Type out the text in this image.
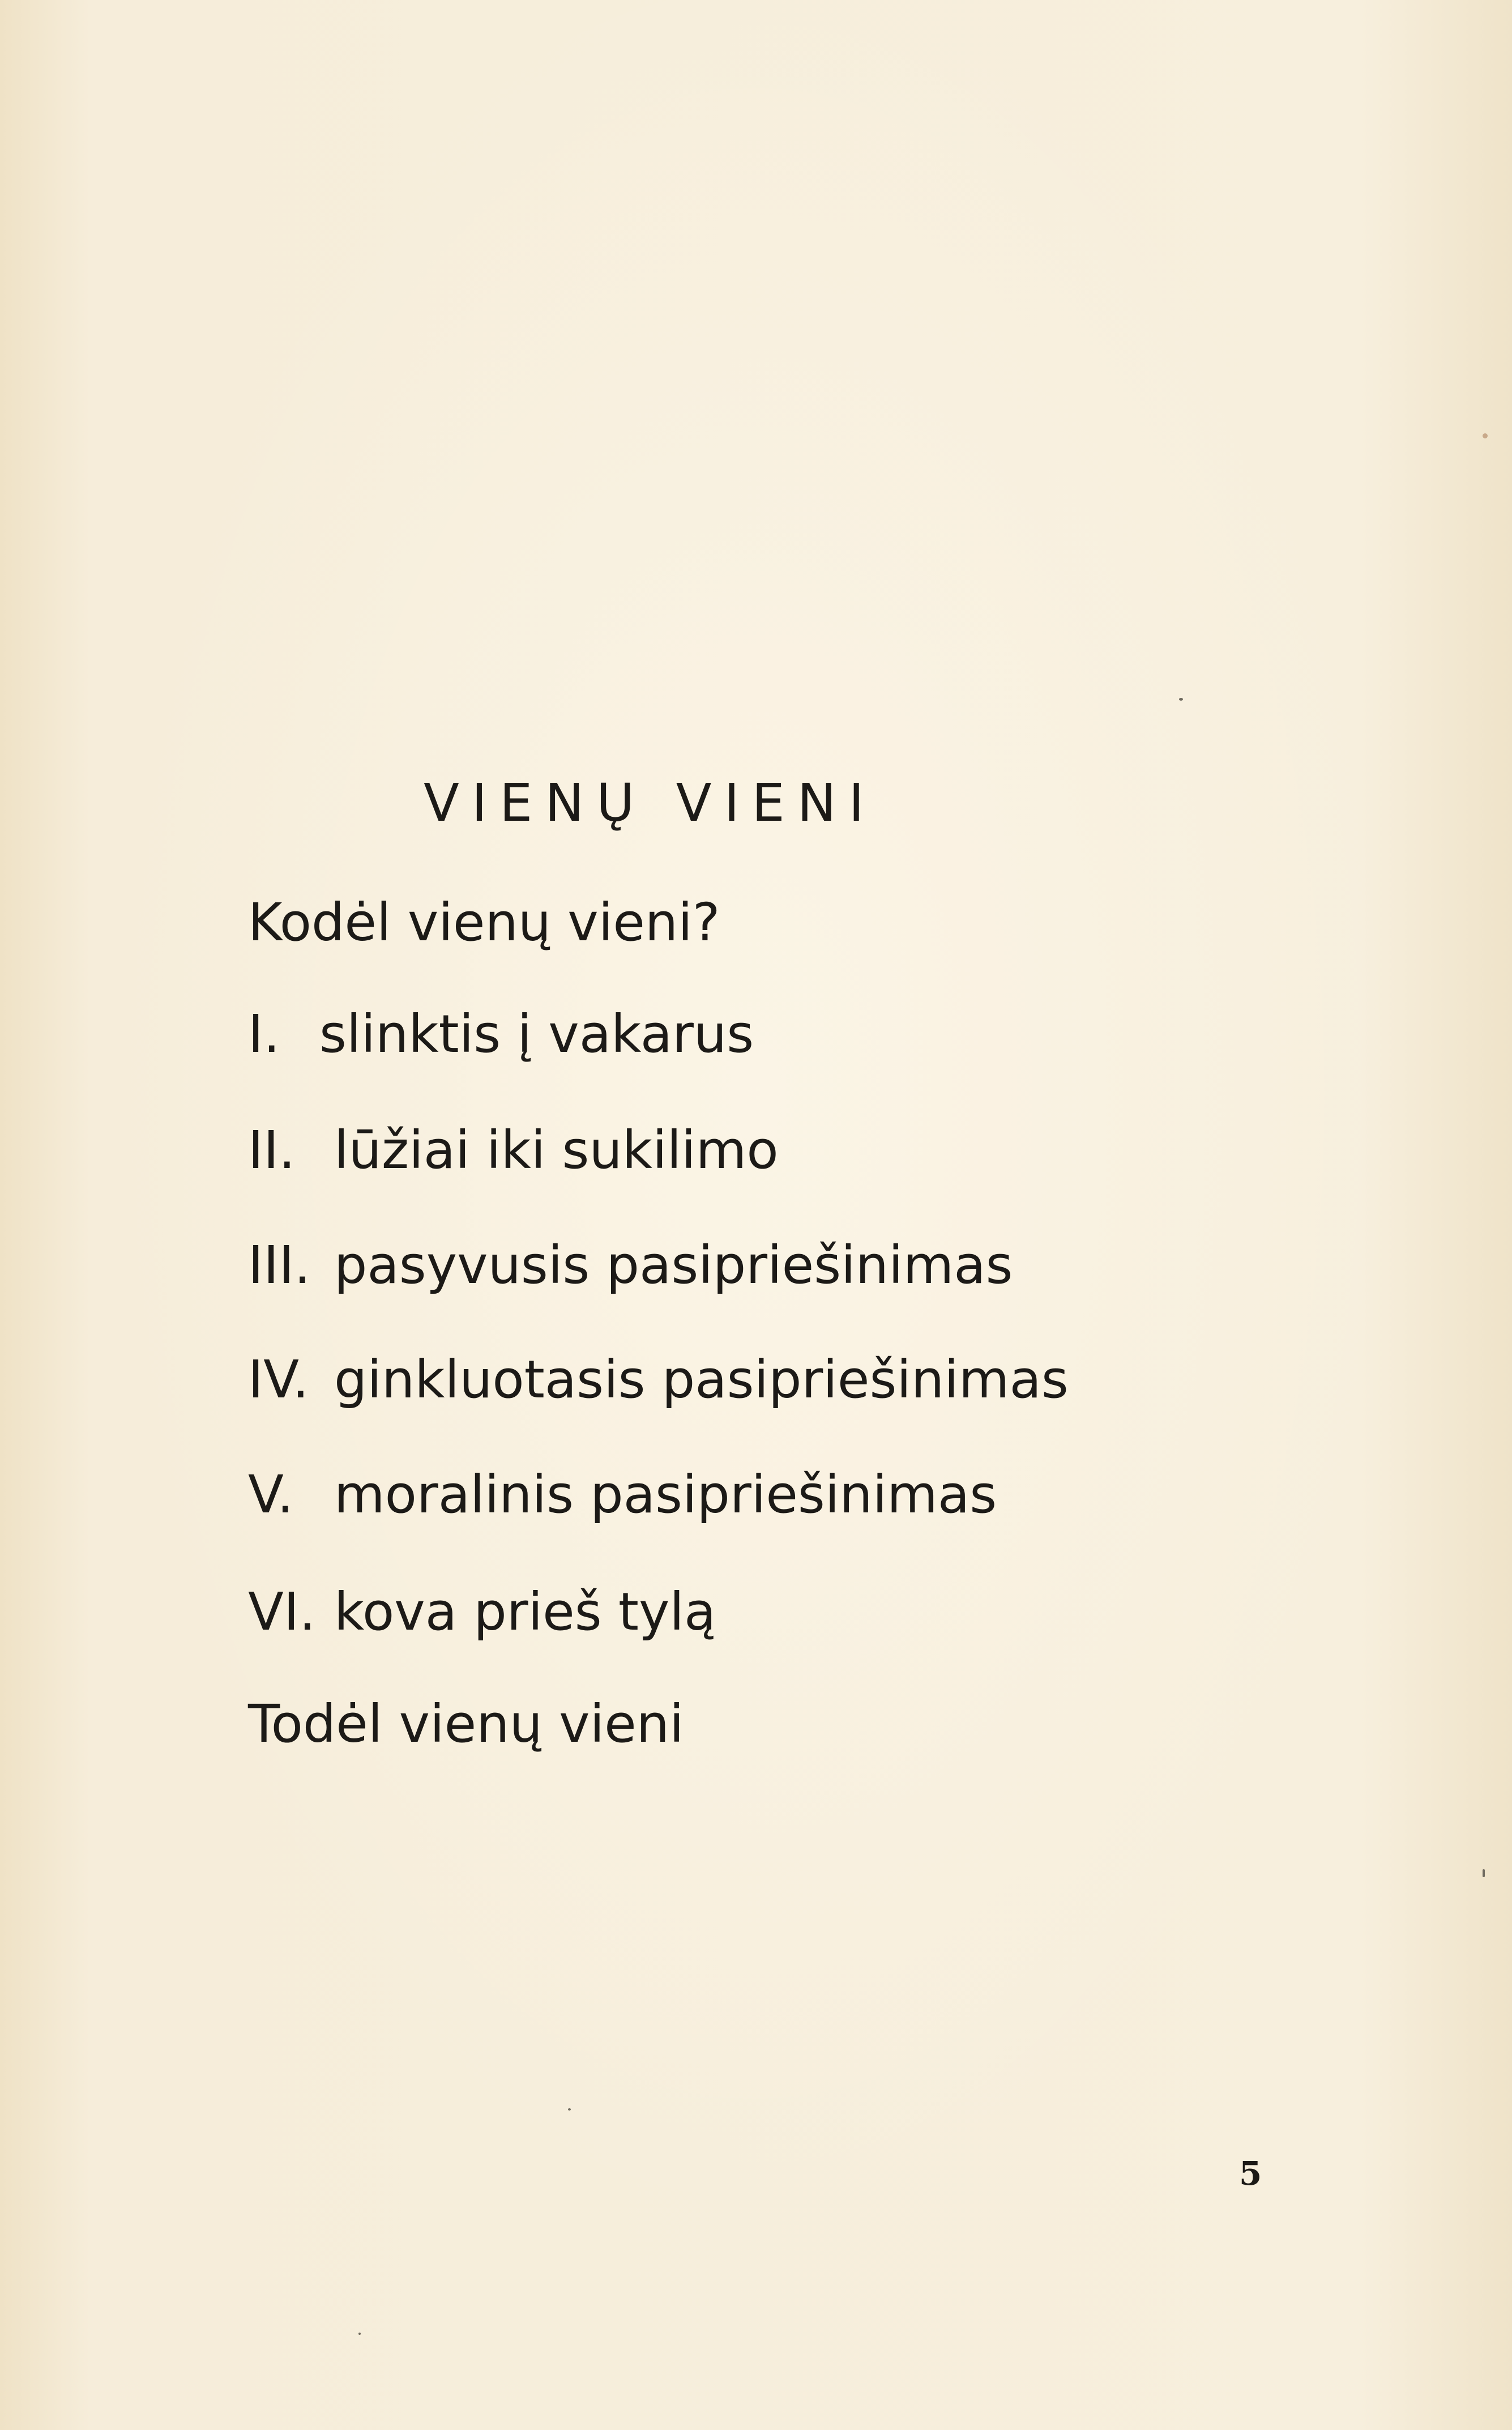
VIENŲ VIENI
Kodėl vienų vieni?
I. slinktis į vakarus
II. lūžiai iki sukilimo
III. pasyvusis pasipriešinimas
IV. ginkluotasis pasipriešinimas
V. moralinis pasipriešinimas
VI. kova prieš tylą
Todėl vienų vieni
5
